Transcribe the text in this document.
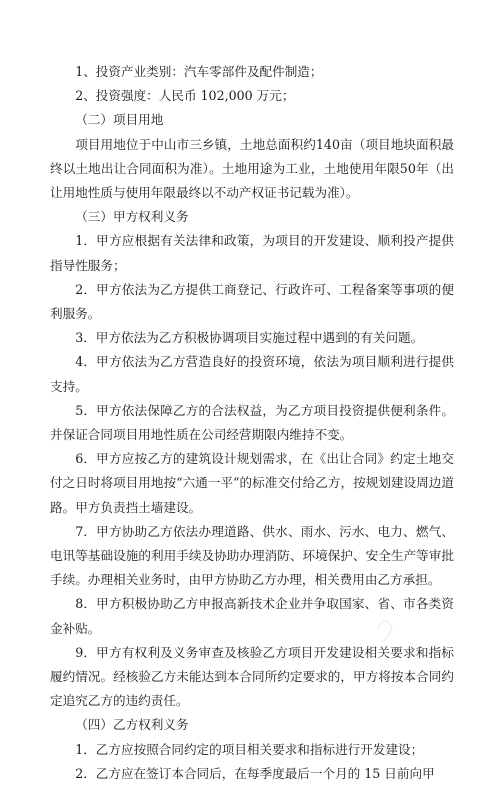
1、投资产业类别：汽车零部件及配件制造；

2、投资强度：人民币 102,000 万元；

（二）项目用地

项目用地位于中山市三乡镇，土地总面积约140亩（项目地块面积最终以土地出让合同面积为准）。土地用途为工业，土地使用年限50年（出让用地性质与使用年限最终以不动产权证书记载为准）。

（三）甲方权利义务

1．甲方应根据有关法律和政策，为项目的开发建设、顺利投产提供指导性服务；

2．甲方依法为乙方提供工商登记、行政许可、工程备案等事项的便利服务。

3．甲方依法为乙方积极协调项目实施过程中遇到的有关问题。

4．甲方依法为乙方营造良好的投资环境，依法为项目顺利进行提供支持。

5．甲方依法保障乙方的合法权益，为乙方项目投资提供便利条件。并保证合同项目用地性质在公司经营期限内维持不变。

6．甲方应按乙方的建筑设计规划需求，在《出让合同》约定土地交付之日时将项目用地按“六通一平”的标准交付给乙方，按规划建设周边道路。甲方负责挡土墙建设。

7．甲方协助乙方依法办理道路、供水、雨水、污水、电力、燃气、电讯等基础设施的利用手续及协助办理消防、环境保护、安全生产等审批手续。办理相关业务时，由甲方协助乙方办理，相关费用由乙方承担。

8．甲方积极协助乙方申报高新技术企业并争取国家、省、市各类资金补贴。

9．甲方有权利及义务审查及核验乙方项目开发建设相关要求和指标履约情况。经核验乙方未能达到本合同所约定要求的，甲方将按本合同约定追究乙方的违约责任。

（四）乙方权利义务

1．乙方应按照合同约定的项目相关要求和指标进行开发建设；

2．乙方应在签订本合同后，在每季度最后一个月的 15 日前向甲
